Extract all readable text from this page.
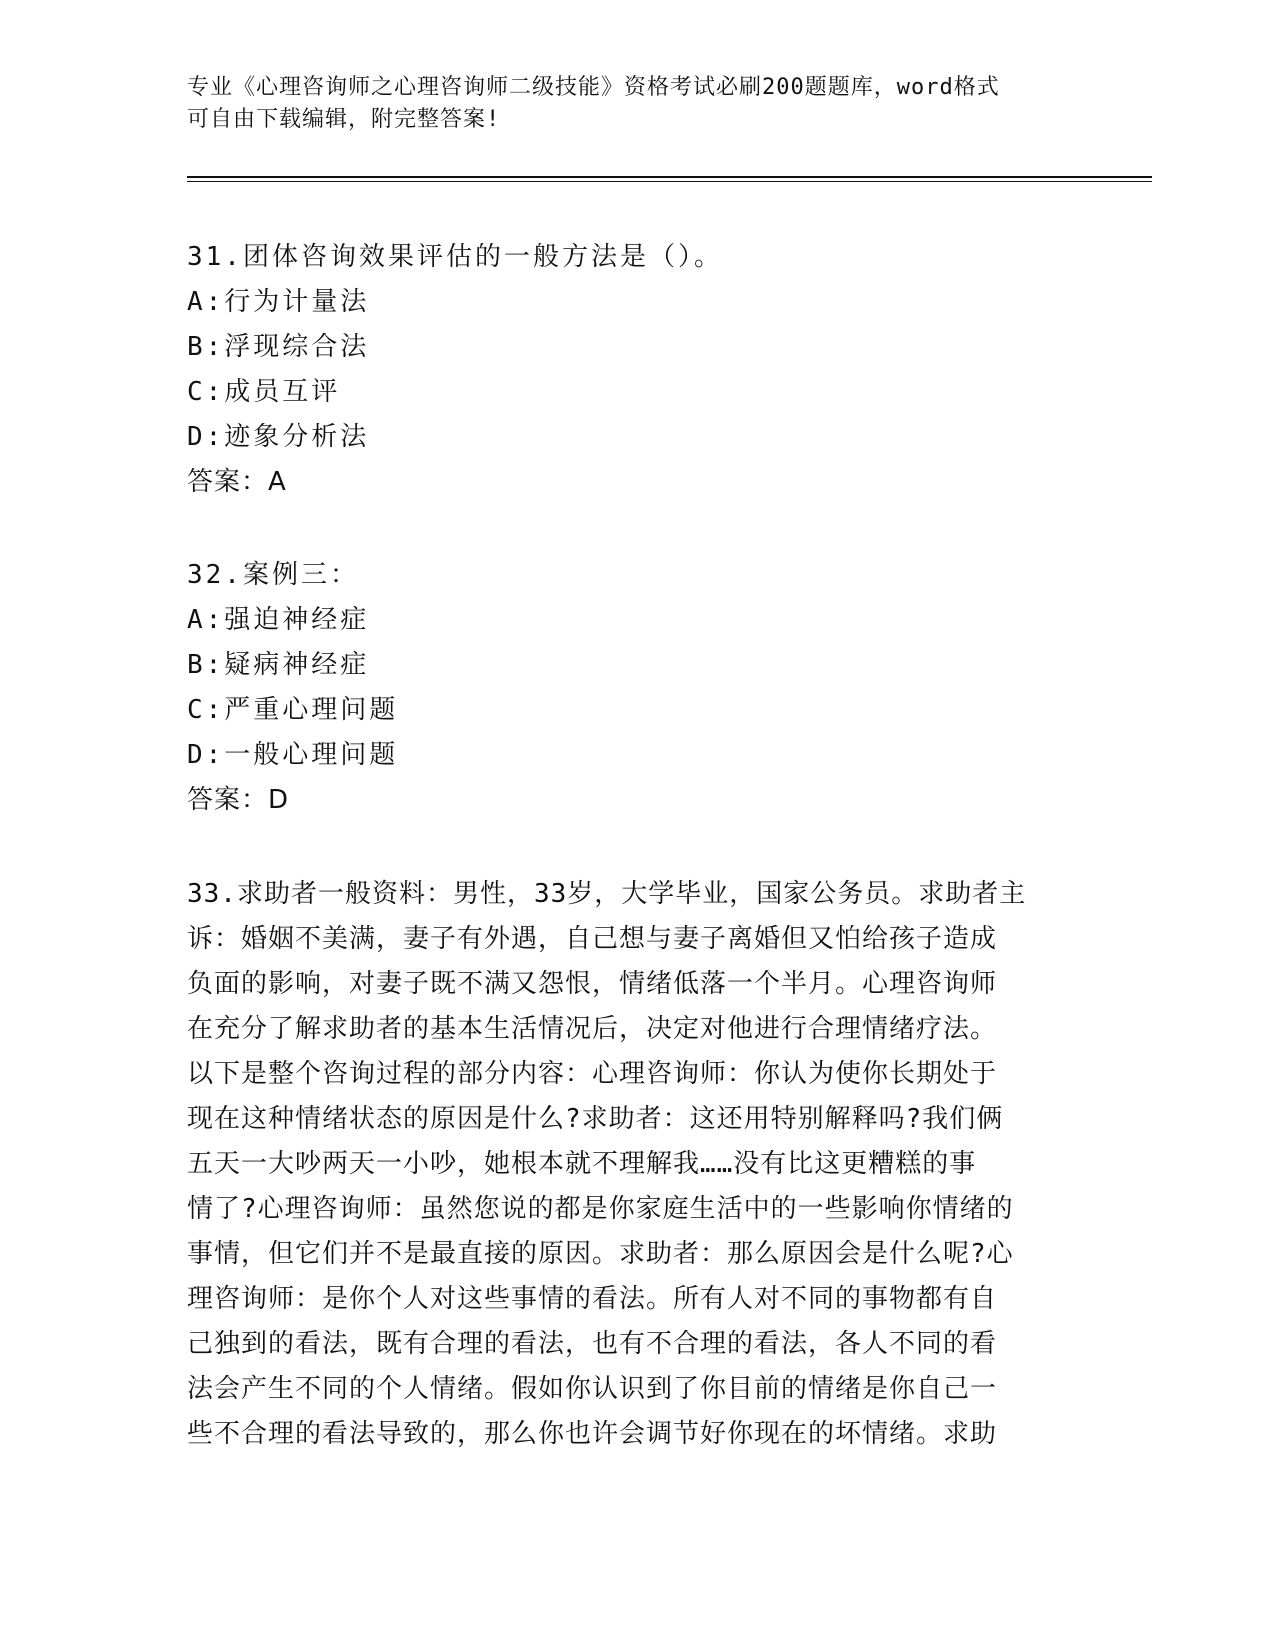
专业《心理咨询师之心理咨询师二级技能》资格考试必刷200题题库，word格式
可自由下载编辑，附完整答案!
31.团体咨询效果评估的一般方法是（）。
A:行为计量法
B:浮现综合法
C:成员互评
D:迹象分析法
答案：A
32.案例三：
A:强迫神经症
B:疑病神经症
C:严重心理问题
D:一般心理问题
答案：D
33.求助者一般资料：男性，33岁，大学毕业，国家公务员。求助者主
诉：婚姻不美满，妻子有外遇，自己想与妻子离婚但又怕给孩子造成
负面的影响，对妻子既不满又怨恨，情绪低落一个半月。心理咨询师
在充分了解求助者的基本生活情况后，决定对他进行合理情绪疗法。
以下是整个咨询过程的部分内容：心理咨询师：你认为使你长期处于
现在这种情绪状态的原因是什么?求助者：这还用特别解释吗?我们俩
五天一大吵两天一小吵，她根本就不理解我……没有比这更糟糕的事
情了?心理咨询师：虽然您说的都是你家庭生活中的一些影响你情绪的
事情，但它们并不是最直接的原因。求助者：那么原因会是什么呢?心
理咨询师：是你个人对这些事情的看法。所有人对不同的事物都有自
己独到的看法，既有合理的看法，也有不合理的看法，各人不同的看
法会产生不同的个人情绪。假如你认识到了你目前的情绪是你自己一
些不合理的看法导致的，那么你也许会调节好你现在的坏情绪。求助
